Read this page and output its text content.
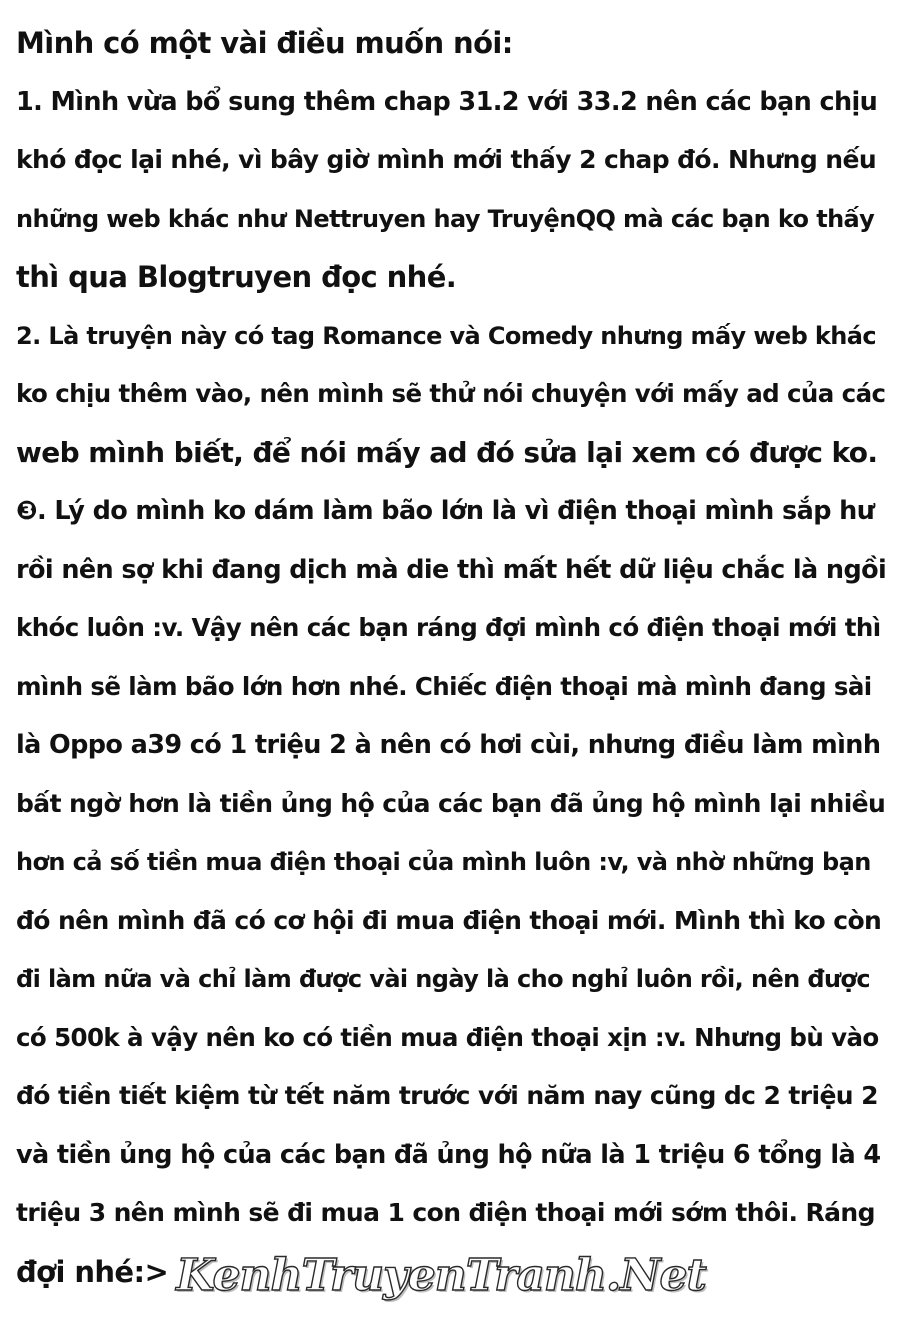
Mình có một vài điều muốn nói:
1. Mình vừa bổ sung thêm chap 31.2 với 33.2 nên các bạn chịu
khó đọc lại nhé, vì bây giờ mình mới thấy 2 chap đó. Nhưng nếu
những web khác như Nettruyen hay TruyệnQQ mà các bạn ko thấy
thì qua Blogtruyen đọc nhé.
2. Là truyện này có tag Romance và Comedy nhưng mấy web khác
ko chịu thêm vào, nên mình sẽ thử nói chuyện với mấy ad của các
web mình biết, để nói mấy ad đó sửa lại xem có được ko.
❸. Lý do mình ko dám làm bão lớn là vì điện thoại mình sắp hư
rồi nên sợ khi đang dịch mà die thì mất hết dữ liệu chắc là ngồi
khóc luôn :v. Vậy nên các bạn ráng đợi mình có điện thoại mới thì
mình sẽ làm bão lớn hơn nhé. Chiếc điện thoại mà mình đang sài
là Oppo a39 có 1 triệu 2 à nên có hơi cùi, nhưng điều làm mình
bất ngờ hơn là tiền ủng hộ của các bạn đã ủng hộ mình lại nhiều
hơn cả số tiền mua điện thoại của mình luôn :v, và nhờ những bạn
đó nên mình đã có cơ hội đi mua điện thoại mới. Mình thì ko còn
đi làm nữa và chỉ làm được vài ngày là cho nghỉ luôn rồi, nên được
có 500k à vậy nên ko có tiền mua điện thoại xịn :v. Nhưng bù vào
đó tiền tiết kiệm từ tết năm trước với năm nay cũng dc 2 triệu 2
và tiền ủng hộ của các bạn đã ủng hộ nữa là 1 triệu 6 tổng là 4
triệu 3 nên mình sẽ đi mua 1 con điện thoại mới sớm thôi. Ráng
đợi nhé:> KenhTruyenTranh.Net
